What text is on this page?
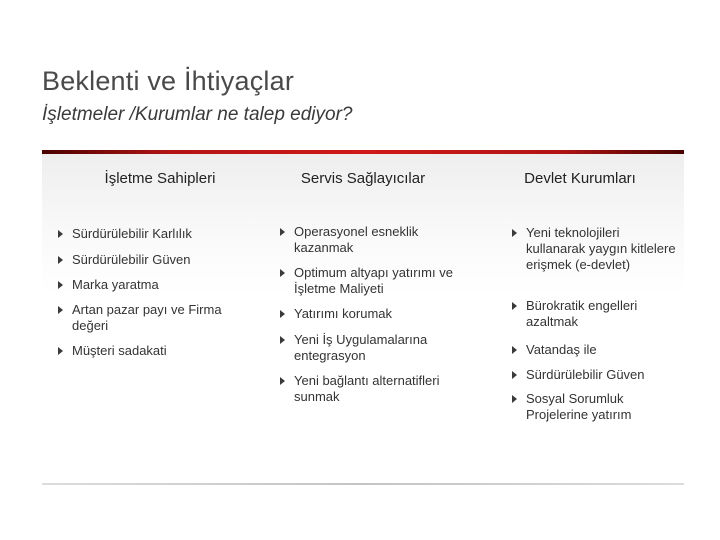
Beklenti ve İhtiyaçlar
İşletmeler /Kurumlar ne talep ediyor?
İşletme Sahipleri
Sürdürülebilir Karlılık
Sürdürülebilir Güven
Marka yaratma
Artan pazar payı ve Firma değeri
Müşteri sadakati
Servis Sağlayıcılar
Operasyonel esneklik kazanmak
Optimum altyapı yatırımı ve İşletme Maliyeti
Yatırımı korumak
Yeni İş Uygulamalarına entegrasyon
Yeni bağlantı alternatifleri sunmak
Devlet Kurumları
Yeni teknolojileri kullanarak yaygın kitlelere erişmek (e-devlet)
Bürokratik engelleri azaltmak
Vatandaş ile
Sürdürülebilir Güven
Sosyal Sorumluk Projelerine yatırım
